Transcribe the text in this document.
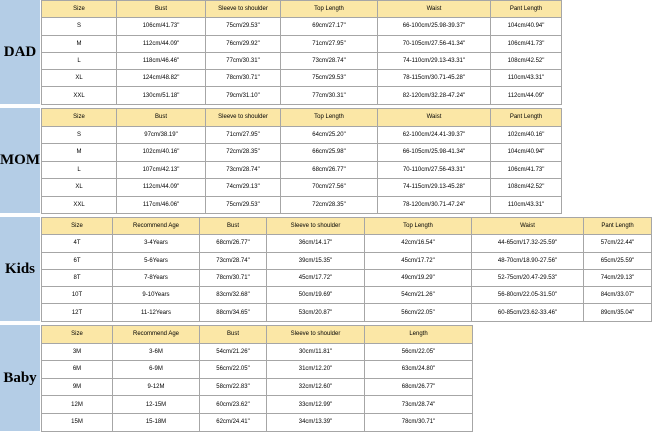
DAD
Size	Bust	Sleeve to shoulder	Top Length	Waist	Pant Length
S	106cm/41.73"	75cm/29.53"	69cm/27.17"	66-100cm/25.98-39.37"	104cm/40.94"
M	112cm/44.09"	76cm/29.92"	71cm/27.95"	70-105cm/27.56-41.34"	106cm/41.73"
L	118cm/46.46"	77cm/30.31"	73cm/28.74"	74-110cm/29.13-43.31"	108cm/42.52"
XL	124cm/48.82"	78cm/30.71"	75cm/29.53"	78-115cm/30.71-45.28"	110cm/43.31"
XXL	130cm/51.18"	79cm/31.10"	77cm/30.31"	82-120cm/32.28-47.24"	112cm/44.09"
MOM
Size	Bust	Sleeve to shoulder	Top Length	Waist	Pant Length
S	97cm/38.19"	71cm/27.95"	64cm/25.20"	62-100cm/24.41-39.37"	102cm/40.16"
M	102cm/40.16"	72cm/28.35"	66cm/25.98"	66-105cm/25.98-41.34"	104cm/40.94"
L	107cm/42.13"	73cm/28.74"	68cm/26.77"	70-110cm/27.56-43.31"	106cm/41.73"
XL	112cm/44.09"	74cm/29.13"	70cm/27.56"	74-115cm/29.13-45.28"	108cm/42.52"
XXL	117cm/46.06"	75cm/29.53"	72cm/28.35"	78-120cm/30.71-47.24"	110cm/43.31"
Kids
Size	Recommend Age	Bust	Sleeve to shoulder	Top Length	Waist	Pant Length
4T	3-4Years	68cm/26.77"	36cm/14.17"	42cm/16.54"	44-65cm/17.32-25.59"	57cm/22.44"
6T	5-6Years	73cm/28.74"	39cm/15.35"	45cm/17.72"	48-70cm/18.90-27.56"	65cm/25.59"
8T	7-8Years	78cm/30.71"	45cm/17.72"	49cm/19.29"	52-75cm/20.47-29.53"	74cm/29.13"
10T	9-10Years	83cm/32.68"	50cm/19.69"	54cm/21.26"	56-80cm/22.05-31.50"	84cm/33.07"
12T	11-12Years	88cm/34.65"	53cm/20.87"	56cm/22.05"	60-85cm/23.62-33.46"	89cm/35.04"
Baby
Size	Recommend Age	Bust	Sleeve to shoulder	Length
3M	3-6M	54cm/21.26"	30cm/11.81"	56cm/22.05"
6M	6-9M	56cm/22.05"	31cm/12.20"	63cm/24.80"
9M	9-12M	58cm/22.83"	32cm/12.60"	68cm/26.77"
12M	12-15M	60cm/23.62"	33cm/12.99"	73cm/28.74"
15M	15-18M	62cm/24.41"	34cm/13.39"	78cm/30.71"
